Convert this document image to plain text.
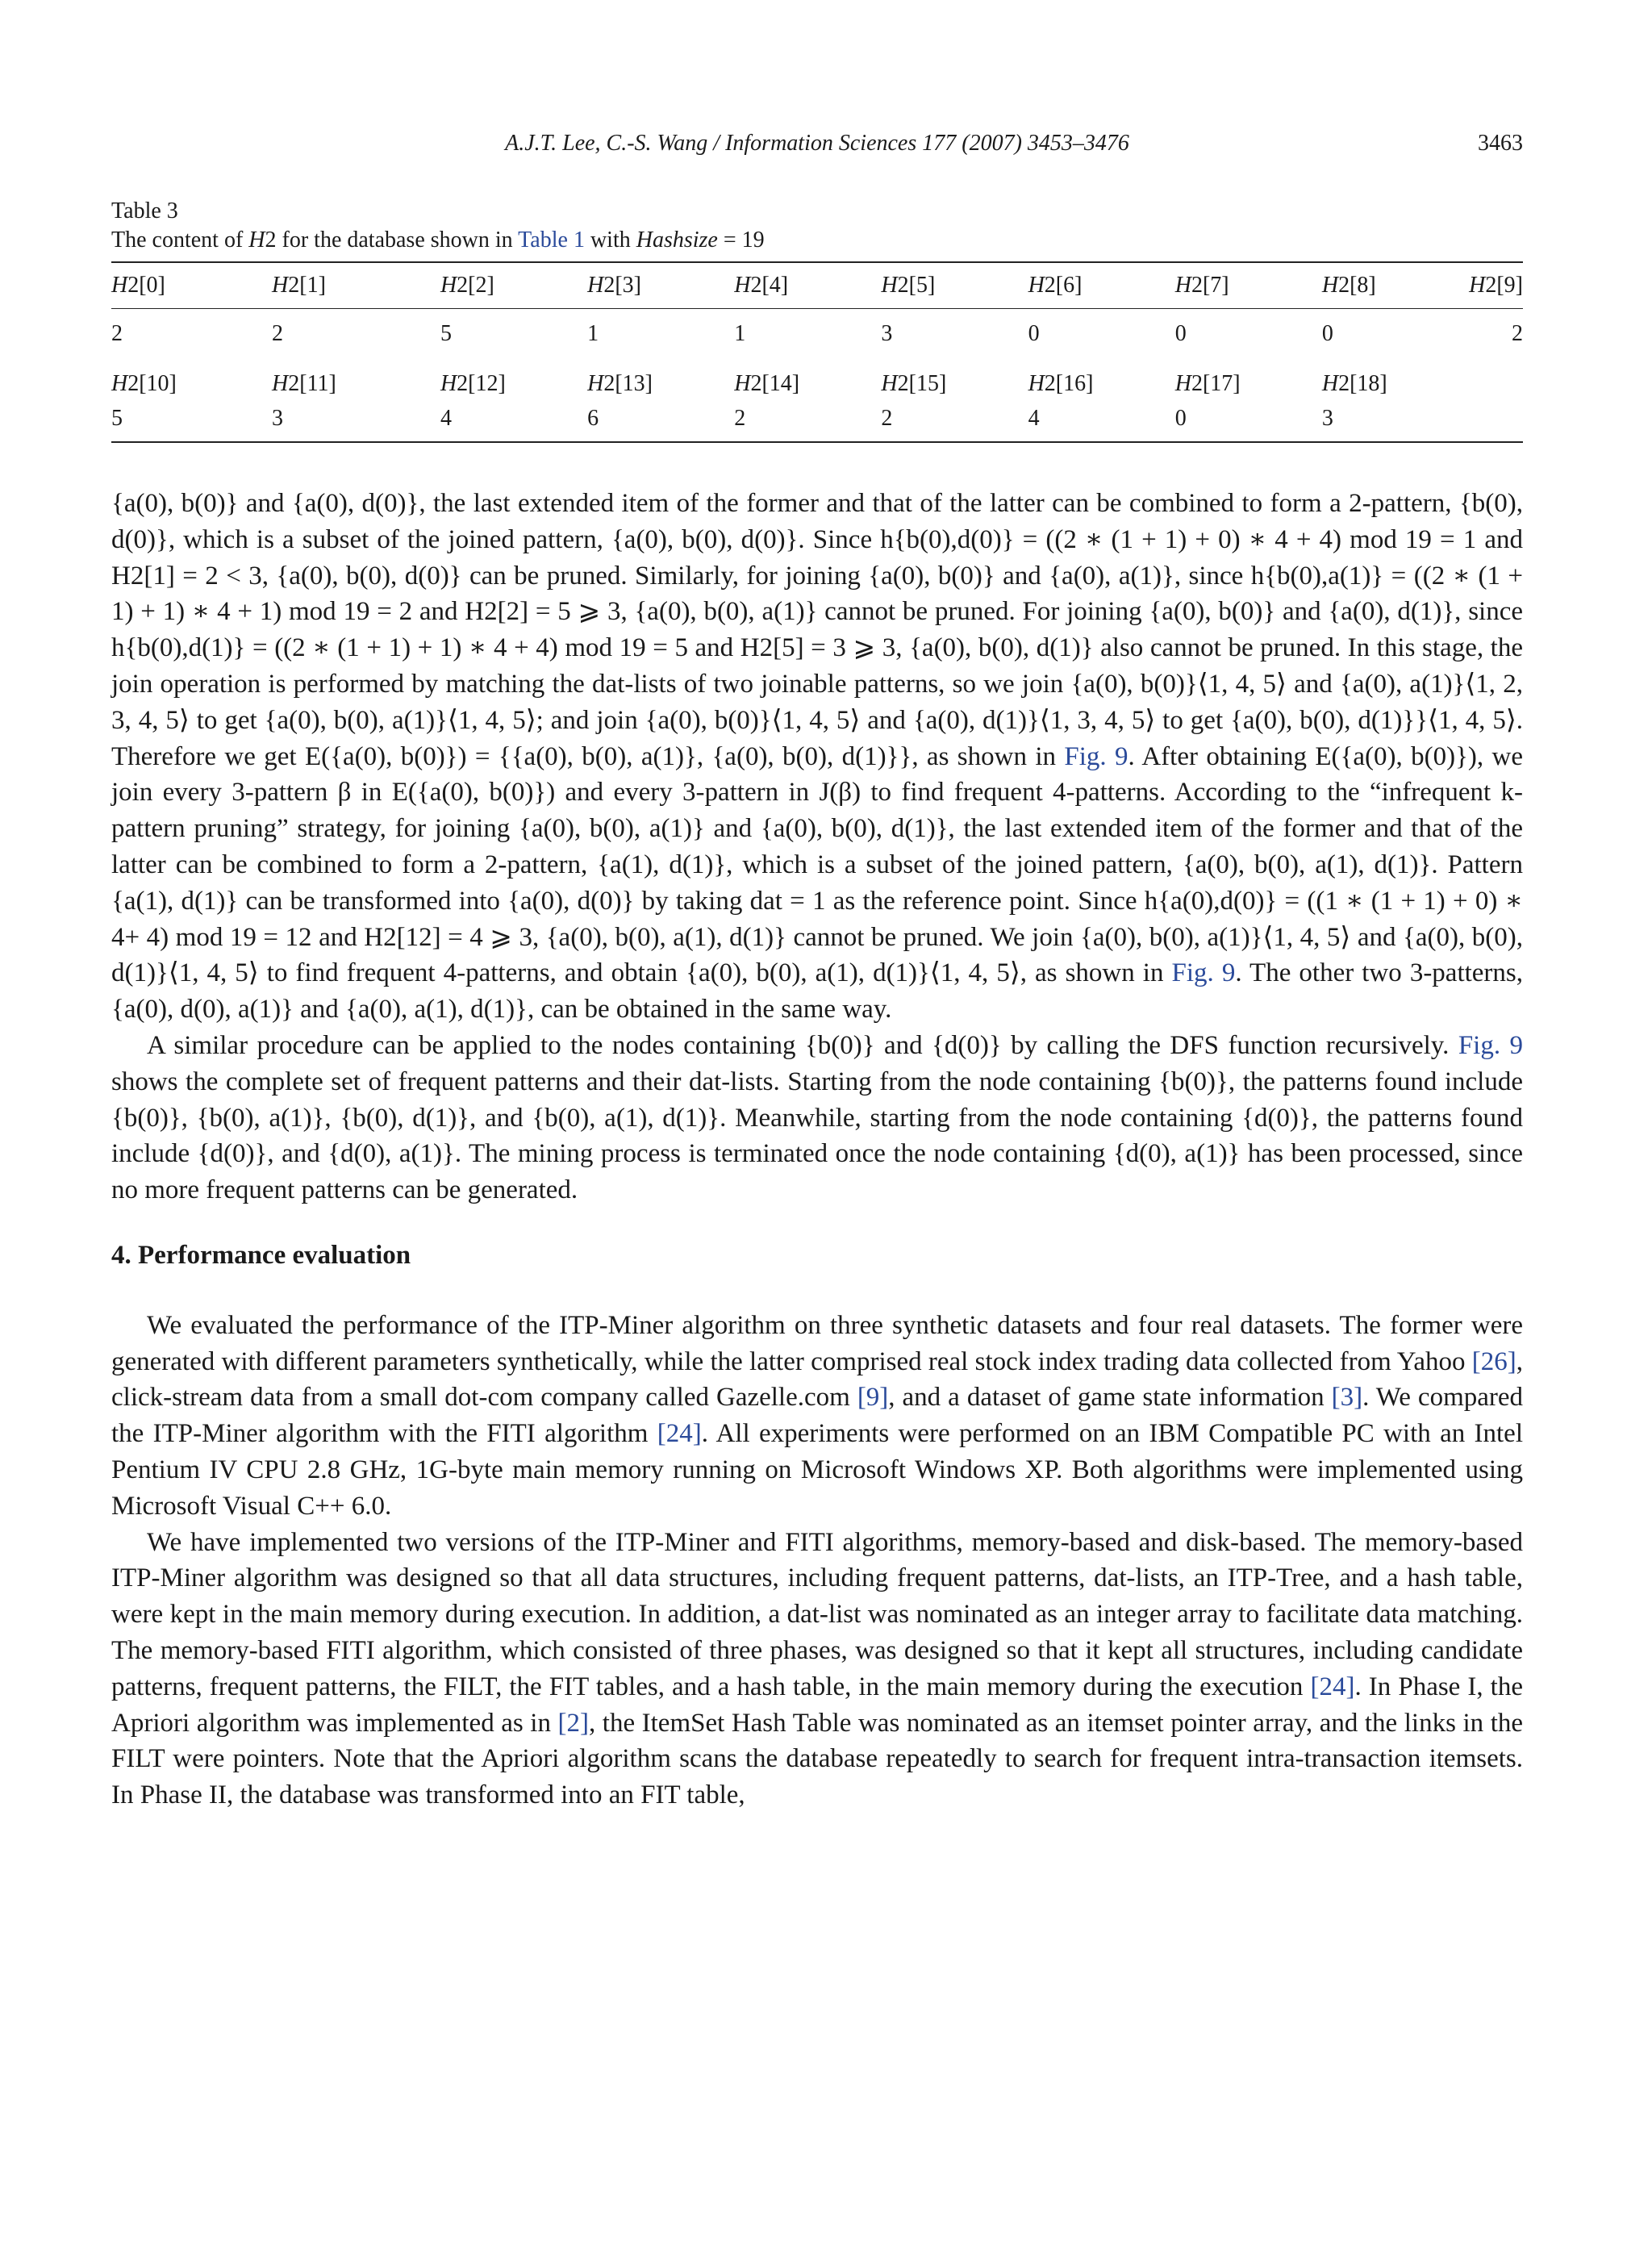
A.J.T. Lee, C.-S. Wang / Information Sciences 177 (2007) 3453–3476	3463
Table 3
The content of H2 for the database shown in Table 1 with Hashsize = 19
H2[0]	H2[1]	H2[2]	H2[3]	H2[4]	H2[5]	H2[6]	H2[7]	H2[8]	H2[9]
2	2	5	1	1	3	0	0	0	2
H2[10]	H2[11]	H2[12]	H2[13]	H2[14]	H2[15]	H2[16]	H2[17]	H2[18]	
5	3	4	6	2	2	4	0	3	

{a(0), b(0)} and {a(0), d(0)}, the last extended item of the former and that of the latter can be combined to form a 2-pattern, {b(0), d(0)}, which is a subset of the joined pattern, {a(0), b(0), d(0)}. Since h{b(0),d(0)} = ((2 ∗ (1 + 1) + 0) ∗ 4 + 4) mod 19 = 1 and H2[1] = 2 < 3, {a(0), b(0), d(0)} can be pruned. Similarly, for joining {a(0), b(0)} and {a(0), a(1)}, since h{b(0),a(1)} = ((2 ∗ (1 + 1) + 1) ∗ 4 + 1) mod 19 = 2 and H2[2] = 5 ⩾ 3, {a(0), b(0), a(1)} cannot be pruned. For joining {a(0), b(0)} and {a(0), d(1)}, since h{b(0),d(1)} = ((2 ∗ (1 + 1) + 1) ∗ 4 + 4) mod 19 = 5 and H2[5] = 3 ⩾ 3, {a(0), b(0), d(1)} also cannot be pruned. In this stage, the join operation is performed by matching the dat-lists of two joinable patterns, so we join {a(0), b(0)}⟨1, 4, 5⟩ and {a(0), a(1)}⟨1, 2, 3, 4, 5⟩ to get {a(0), b(0), a(1)}⟨1, 4, 5⟩; and join {a(0), b(0)}⟨1, 4, 5⟩ and {a(0), d(1)}⟨1, 3, 4, 5⟩ to get {a(0), b(0), d(1)}}⟨1, 4, 5⟩. Therefore we get E({a(0), b(0)}) = {{a(0), b(0), a(1)}, {a(0), b(0), d(1)}}, as shown in Fig. 9. After obtaining E({a(0), b(0)}), we join every 3-pattern β in E({a(0), b(0)}) and every 3-pattern in J(β) to find frequent 4-patterns. According to the “infrequent k-pattern pruning” strategy, for joining {a(0), b(0), a(1)} and {a(0), b(0), d(1)}, the last extended item of the former and that of the latter can be combined to form a 2-pattern, {a(1), d(1)}, which is a subset of the joined pattern, {a(0), b(0), a(1), d(1)}. Pattern {a(1), d(1)} can be transformed into {a(0), d(0)} by taking dat = 1 as the reference point. Since h{a(0),d(0)} = ((1 ∗ (1 + 1) + 0) ∗ 4+ 4) mod 19 = 12 and H2[12] = 4 ⩾ 3, {a(0), b(0), a(1), d(1)} cannot be pruned. We join {a(0), b(0), a(1)}⟨1, 4, 5⟩ and {a(0), b(0), d(1)}⟨1, 4, 5⟩ to find frequent 4-patterns, and obtain {a(0), b(0), a(1), d(1)}⟨1, 4, 5⟩, as shown in Fig. 9. The other two 3-patterns, {a(0), d(0), a(1)} and {a(0), a(1), d(1)}, can be obtained in the same way.

A similar procedure can be applied to the nodes containing {b(0)} and {d(0)} by calling the DFS function recursively. Fig. 9 shows the complete set of frequent patterns and their dat-lists. Starting from the node containing {b(0)}, the patterns found include {b(0)}, {b(0), a(1)}, {b(0), d(1)}, and {b(0), a(1), d(1)}. Meanwhile, starting from the node containing {d(0)}, the patterns found include {d(0)}, and {d(0), a(1)}. The mining process is terminated once the node containing {d(0), a(1)} has been processed, since no more frequent patterns can be generated.

4. Performance evaluation

We evaluated the performance of the ITP-Miner algorithm on three synthetic datasets and four real datasets. The former were generated with different parameters synthetically, while the latter comprised real stock index trading data collected from Yahoo [26], click-stream data from a small dot-com company called Gazelle.com [9], and a dataset of game state information [3]. We compared the ITP-Miner algorithm with the FITI algorithm [24]. All experiments were performed on an IBM Compatible PC with an Intel Pentium IV CPU 2.8 GHz, 1G-byte main memory running on Microsoft Windows XP. Both algorithms were implemented using Microsoft Visual C++ 6.0.

We have implemented two versions of the ITP-Miner and FITI algorithms, memory-based and disk-based. The memory-based ITP-Miner algorithm was designed so that all data structures, including frequent patterns, dat-lists, an ITP-Tree, and a hash table, were kept in the main memory during execution. In addition, a dat-list was nominated as an integer array to facilitate data matching. The memory-based FITI algorithm, which consisted of three phases, was designed so that it kept all structures, including candidate patterns, frequent patterns, the FILT, the FIT tables, and a hash table, in the main memory during the execution [24]. In Phase I, the Apriori algorithm was implemented as in [2], the ItemSet Hash Table was nominated as an itemset pointer array, and the links in the FILT were pointers. Note that the Apriori algorithm scans the database repeatedly to search for frequent intra-transaction itemsets. In Phase II, the database was transformed into an FIT table,
